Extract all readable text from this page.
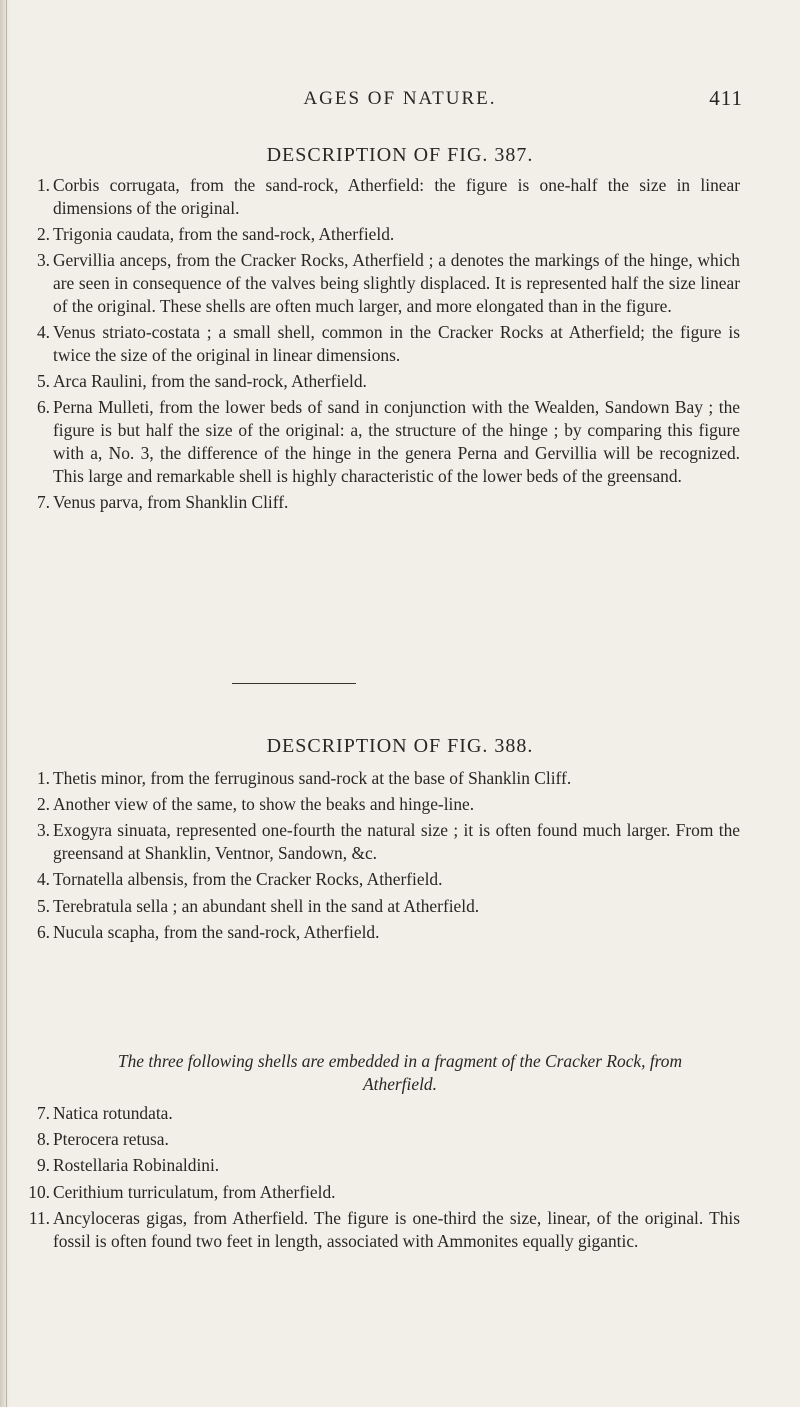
AGES OF NATURE.	411
DESCRIPTION OF FIG. 387.
1. Corbis corrugata, from the sand-rock, Atherfield: the figure is one-half the size in linear dimensions of the original.
2. Trigonia caudata, from the sand-rock, Atherfield.
3. Gervillia anceps, from the Cracker Rocks, Atherfield ; a denotes the markings of the hinge, which are seen in consequence of the valves being slightly displaced. It is represented half the size linear of the original. These shells are often much larger, and more elongated than in the figure.
4. Venus striato-costata ; a small shell, common in the Cracker Rocks at Atherfield; the figure is twice the size of the original in linear dimensions.
5. Arca Raulini, from the sand-rock, Atherfield.
6. Perna Mulleti, from the lower beds of sand in conjunction with the Wealden, Sandown Bay ; the figure is but half the size of the original: a, the structure of the hinge ; by comparing this figure with a, No. 3, the difference of the hinge in the genera Perna and Gervillia will be recognized. This large and remarkable shell is highly characteristic of the lower beds of the greensand.
7. Venus parva, from Shanklin Cliff.
DESCRIPTION OF FIG. 388.
1. Thetis minor, from the ferruginous sand-rock at the base of Shanklin Cliff.
2. Another view of the same, to show the beaks and hinge-line.
3. Exogyra sinuata, represented one-fourth the natural size ; it is often found much larger. From the greensand at Shanklin, Ventnor, Sandown, &c.
4. Tornatella albensis, from the Cracker Rocks, Atherfield.
5. Terebratula sella ; an abundant shell in the sand at Atherfield.
6. Nucula scapha, from the sand-rock, Atherfield.
The three following shells are embedded in a fragment of the Cracker Rock, from Atherfield.
7. Natica rotundata.
8. Pterocera retusa.
9. Rostellaria Robinaldini.
10. Cerithium turriculatum, from Atherfield.
11. Ancyloceras gigas, from Atherfield. The figure is one-third the size, linear, of the original. This fossil is often found two feet in length, associated with Ammonites equally gigantic.
